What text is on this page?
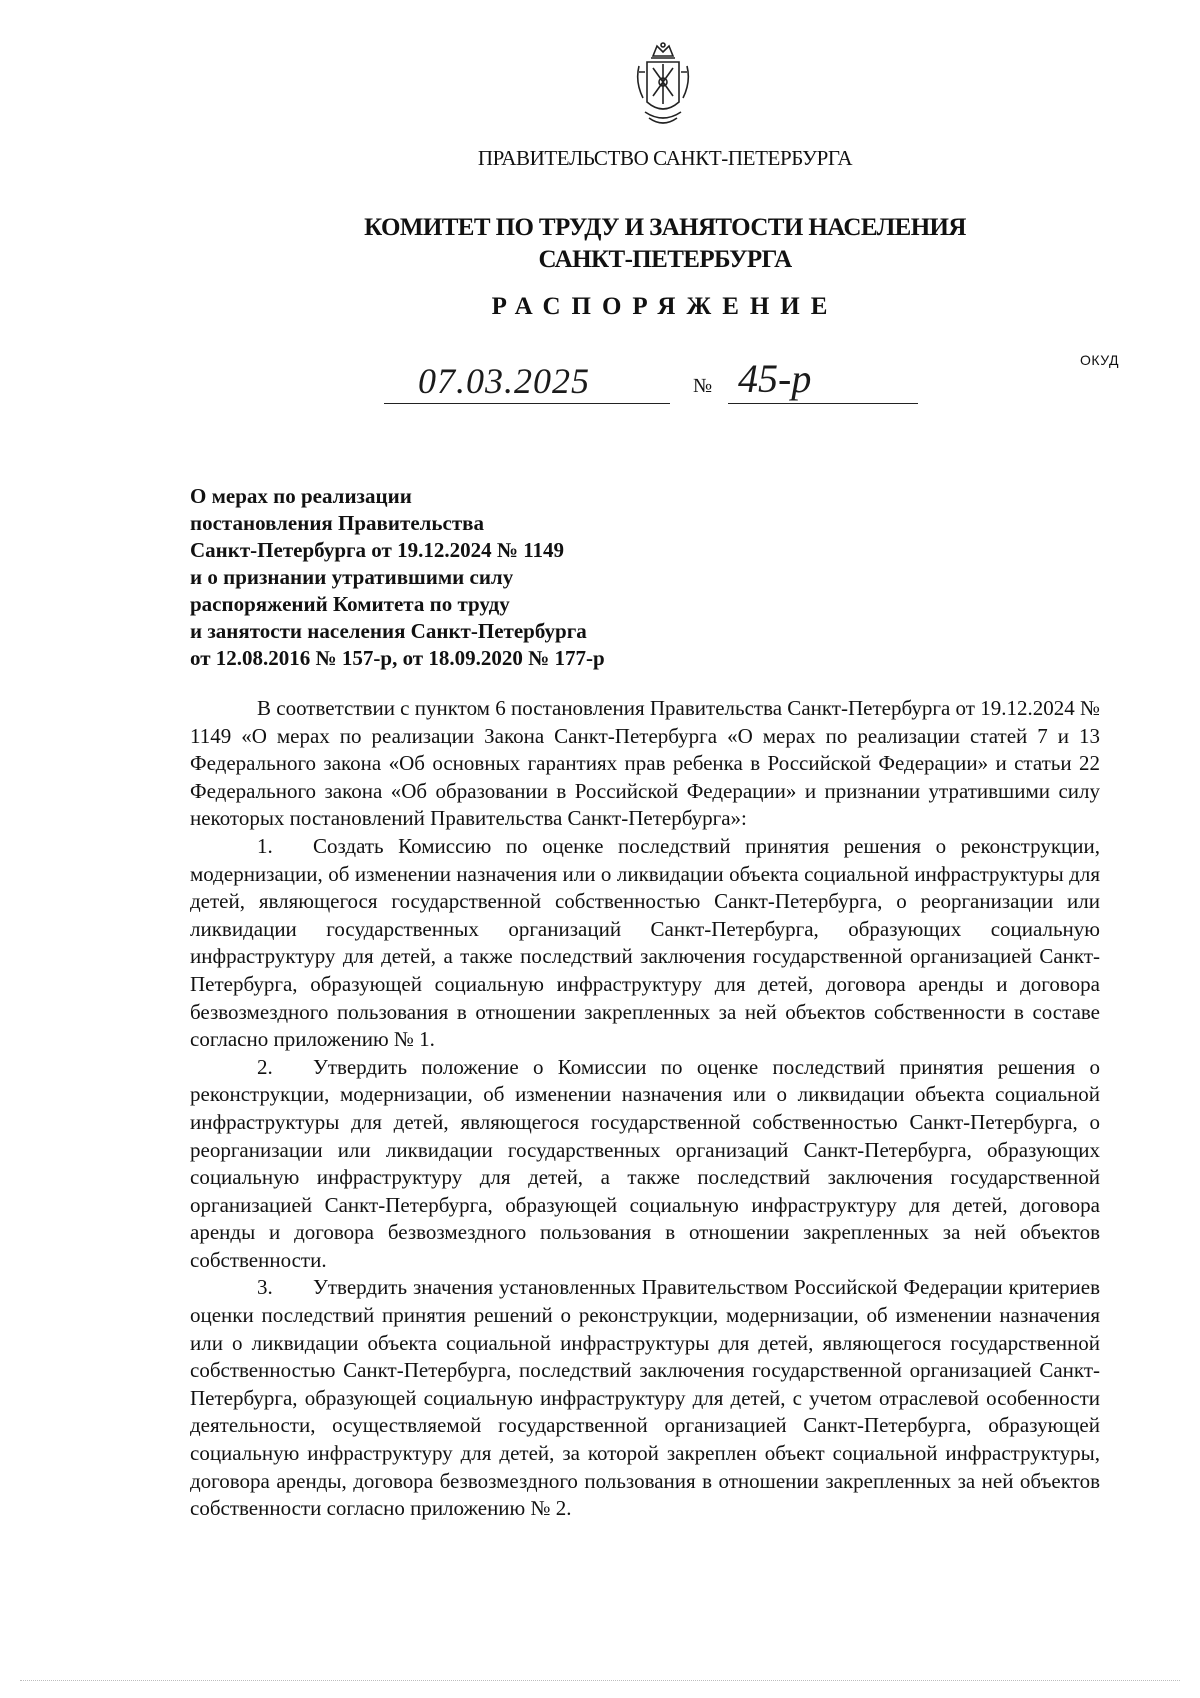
ПРАВИТЕЛЬСТВО САНКТ-ПЕТЕРБУРГА
КОМИТЕТ ПО ТРУДУ И ЗАНЯТОСТИ НАСЕЛЕНИЯ
САНКТ-ПЕТЕРБУРГА
РАСПОРЯЖЕНИЕ
ОКУД
07.03.2025	№ 45-р
О мерах по реализации
постановления Правительства
Санкт-Петербурга от 19.12.2024 № 1149
и о признании утратившими силу
распоряжений Комитета по труду
и занятости населения Санкт-Петербурга
от 12.08.2016 № 157-р, от 18.09.2020 № 177-р

В соответствии с пунктом 6 постановления Правительства Санкт-Петербурга от 19.12.2024 № 1149 «О мерах по реализации Закона Санкт-Петербурга «О мерах по реализации статей 7 и 13 Федерального закона «Об основных гарантиях прав ребенка в Российской Федерации» и статьи 22 Федерального закона «Об образовании в Российской Федерации» и признании утратившими силу некоторых постановлений Правительства Санкт-Петербурга»:

1. Создать Комиссию по оценке последствий принятия решения о реконструкции, модернизации, об изменении назначения или о ликвидации объекта социальной инфраструктуры для детей, являющегося государственной собственностью Санкт-Петербурга, о реорганизации или ликвидации государственных организаций Санкт-Петербурга, образующих социальную инфраструктуру для детей, а также последствий заключения государственной организацией Санкт-Петербурга, образующей социальную инфраструктуру для детей, договора аренды и договора безвозмездного пользования в отношении закрепленных за ней объектов собственности в составе согласно приложению № 1.

2. Утвердить положение о Комиссии по оценке последствий принятия решения о реконструкции, модернизации, об изменении назначения или о ликвидации объекта социальной инфраструктуры для детей, являющегося государственной собственностью Санкт-Петербурга, о реорганизации или ликвидации государственных организаций Санкт-Петербурга, образующих социальную инфраструктуру для детей, а также последствий заключения государственной организацией Санкт-Петербурга, образующей социальную инфраструктуру для детей, договора аренды и договора безвозмездного пользования в отношении закрепленных за ней объектов собственности.

3. Утвердить значения установленных Правительством Российской Федерации критериев оценки последствий принятия решений о реконструкции, модернизации, об изменении назначения или о ликвидации объекта социальной инфраструктуры для детей, являющегося государственной собственностью Санкт-Петербурга, последствий заключения государственной организацией Санкт-Петербурга, образующей социальную инфраструктуру для детей, с учетом отраслевой особенности деятельности, осуществляемой государственной организацией Санкт-Петербурга, образующей социальную инфраструктуру для детей, за которой закреплен объект социальной инфраструктуры, договора аренды, договора безвозмездного пользования в отношении закрепленных за ней объектов собственности согласно приложению № 2.
